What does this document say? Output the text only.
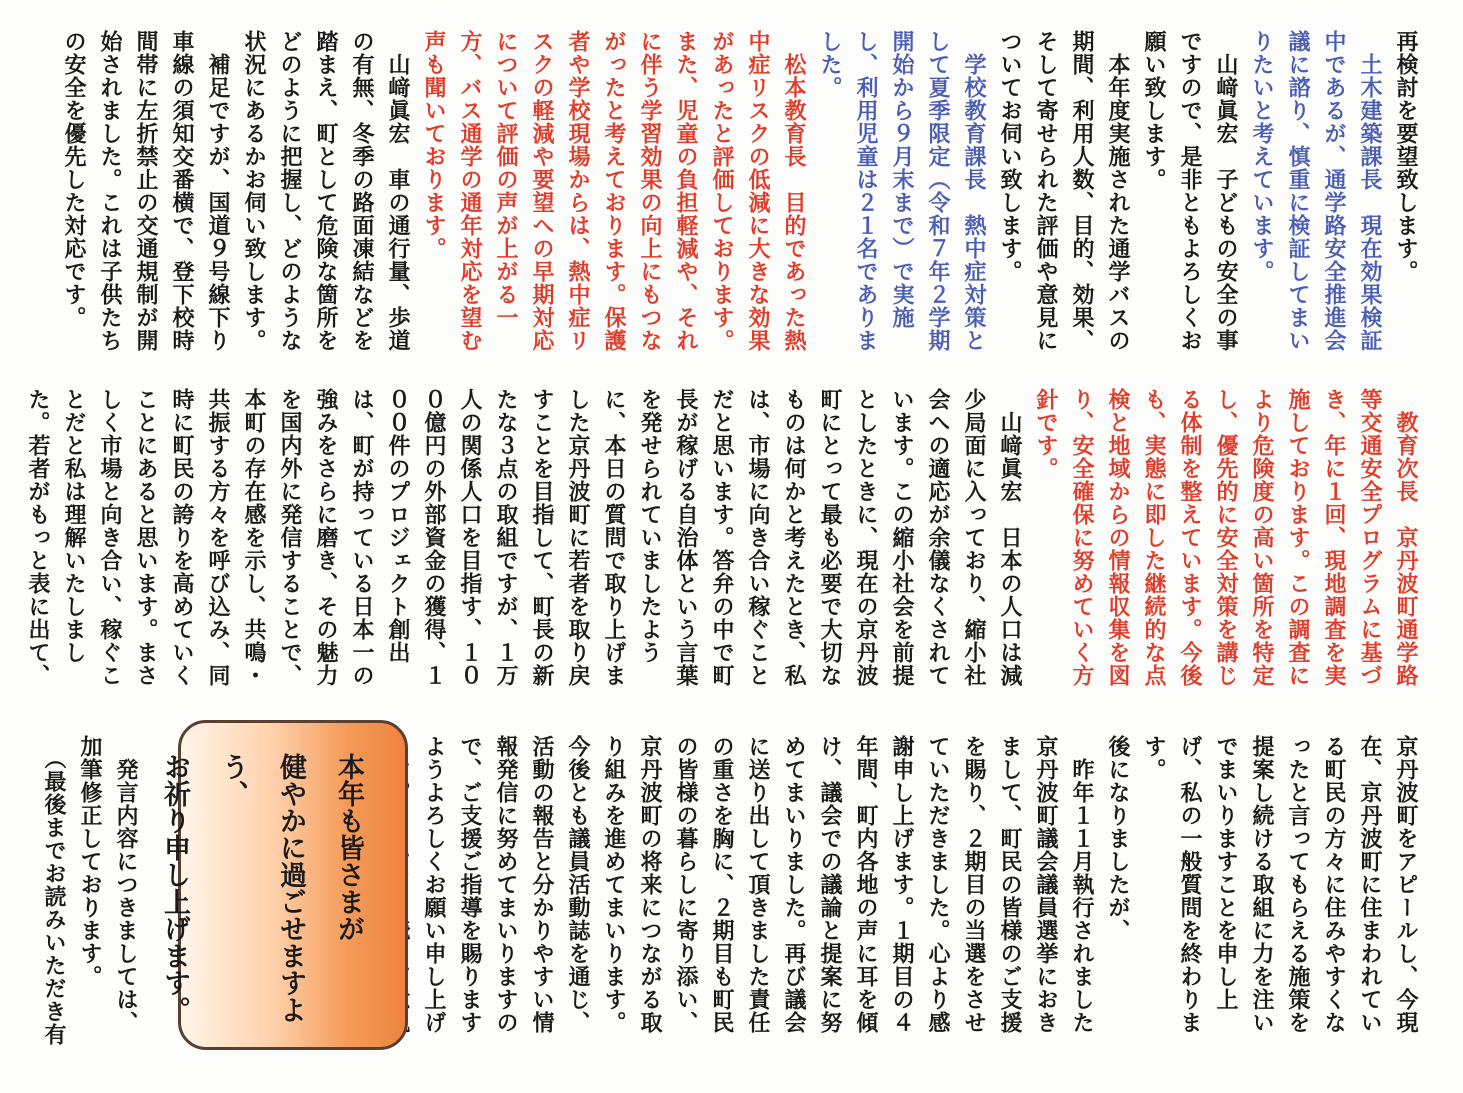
再検討を要望致します。

　土木建築課長　現在効果検証中であるが、通学路安全推進会議に諮り、慎重に検証してまいりたいと考えています。

　山﨑眞宏　子どもの安全の事ですので、是非ともよろしくお願い致します。

　本年度実施された通学バスの期間、利用人数、目的、効果、そして寄せられた評価や意見についてお伺い致します。

　学校教育課長　熱中症対策として夏季限定（令和７年２学期開始から９月末まで）で実施し、利用児童は２１名でありました。

　松本教育長　目的であった熱中症リスクの低減に大きな効果があったと評価しております。また、児童の負担軽減や、それに伴う学習効果の向上にもつながったと考えております。保護者や学校現場からは、熱中症リスクの軽減や要望への早期対応について評価の声が上がる一方、バス通学の通年対応を望む声も聞いております。

　山﨑眞宏　車の通行量、歩道の有無、冬季の路面凍結などを踏まえ、町として危険な箇所をどのように把握し、どのような状況にあるかお伺い致します。

　補足ですが、国道９号線下り車線の須知交番横で、登下校時間帯に左折禁止の交通規制が開始されました。これは子供たちの安全を優先した対応です。

　教育次長　京丹波町通学路等交通安全プログラムに基づき、年に１回、現地調査を実施しております。この調査により危険度の高い箇所を特定し、優先的に安全対策を講じる体制を整えています。今後も、実態に即した継続的な点検と地域からの情報収集を図り、安全確保に努めていく方針です。

　山﨑眞宏　日本の人口は減少局面に入っており、縮小社会への適応が余儀なくされています。この縮小社会を前提としたときに、現在の京丹波町にとって最も必要で大切なものは何かと考えたとき、私は、市場に向き合い稼ぐことだと思います。答弁の中で町長が稼げる自治体という言葉を発せられていましたように、本日の質問で取り上げました京丹波町に若者を取り戻すことを目指して、町長の新たな３点の取組ですが、１万人の関係人口を目指す、１００億円の外部資金の獲得、１００件のプロジェクト創出は、町が持っている日本一の強みをさらに磨き、その魅力を国内外に発信することで、本町の存在感を示し、共鳴・共振する方々を呼び込み、同時に町民の誇りを高めていくことにあると思います。まさしく市場と向き合い、稼ぐことだと私は理解いたしました。若者がもっと表に出て、

京丹波町をアピールし、今現在、京丹波町に住まわれている町民の方々に住みやすくなったと言ってもらえる施策を提案し続ける取組に力を注いでまいりますことを申し上げ、私の一般質問を終わります。

後になりましたが、

　昨年１１月執行されました京丹波町議会議員選挙におきまして、町民の皆様のご支援を賜り、２期目の当選をさせていただきました。心より感謝申し上げます。１期目の４年間、町内各地の声に耳を傾け、議会での議論と提案に努めてまいりました。再び議会に送り出して頂きました責任の重さを胸に、２期目も町民の皆様の暮らしに寄り添い、京丹波町の将来につながる取り組みを進めてまいります。今後とも議員活動誌を通じ、活動の報告と分かりやすい情報発信に努めてまいりますので、ご支援ご指導を賜りますようよろしくお願い申し上げ

本年も皆さまが
健やかに過ごせますよう、
お祈り申し上げます。

　発言内容につきましては、加筆修正しております。

　（最後までお読みいただき有　
